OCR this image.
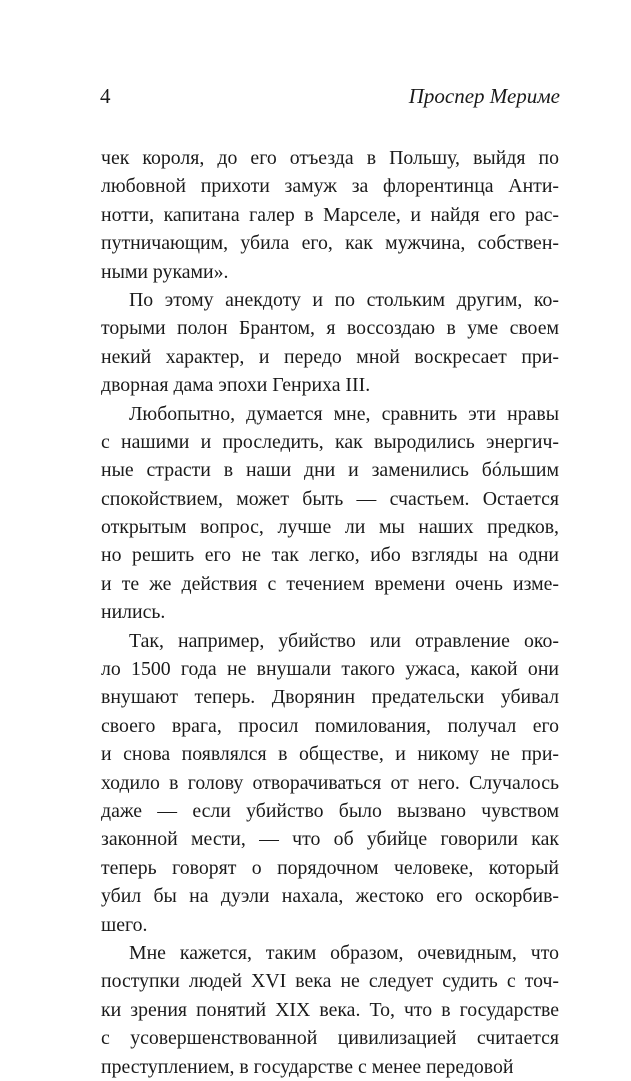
4	Проспер Мериме
чек короля, до его отъезда в Польшу, выйдя по
любовной прихоти замуж за флорентинца Анти-
нотти, капитана галер в Марселе, и найдя его рас-
путничающим, убила его, как мужчина, собствен-
ными руками».
По этому анекдоту и по стольким другим, ко-
торыми полон Брантом, я воссоздаю в уме своем
некий характер, и передо мной воскресает при-
дворная дама эпохи Генриха III.
Любопытно, думается мне, сравнить эти нравы
с нашими и проследить, как выродились энергич-
ные страсти в наши дни и заменились бóльшим
спокойствием, может быть — счастьем. Остается
открытым вопрос, лучше ли мы наших предков,
но решить его не так легко, ибо взгляды на одни
и те же действия с течением времени очень изме-
нились.
Так, например, убийство или отравление око-
ло 1500 года не внушали такого ужаса, какой они
внушают теперь. Дворянин предательски убивал
своего врага, просил помилования, получал его
и снова появлялся в обществе, и никому не при-
ходило в голову отворачиваться от него. Случалось
даже — если убийство было вызвано чувством
законной мести, — что об убийце говорили как
теперь говорят о порядочном человеке, который
убил бы на дуэли нахала, жестоко его оскорбив-
шего.
Мне кажется, таким образом, очевидным, что
поступки людей XVI века не следует судить с точ-
ки зрения понятий XIX века. То, что в государстве
с усовершенствованной цивилизацией считается
преступлением, в государстве с менее передовой
